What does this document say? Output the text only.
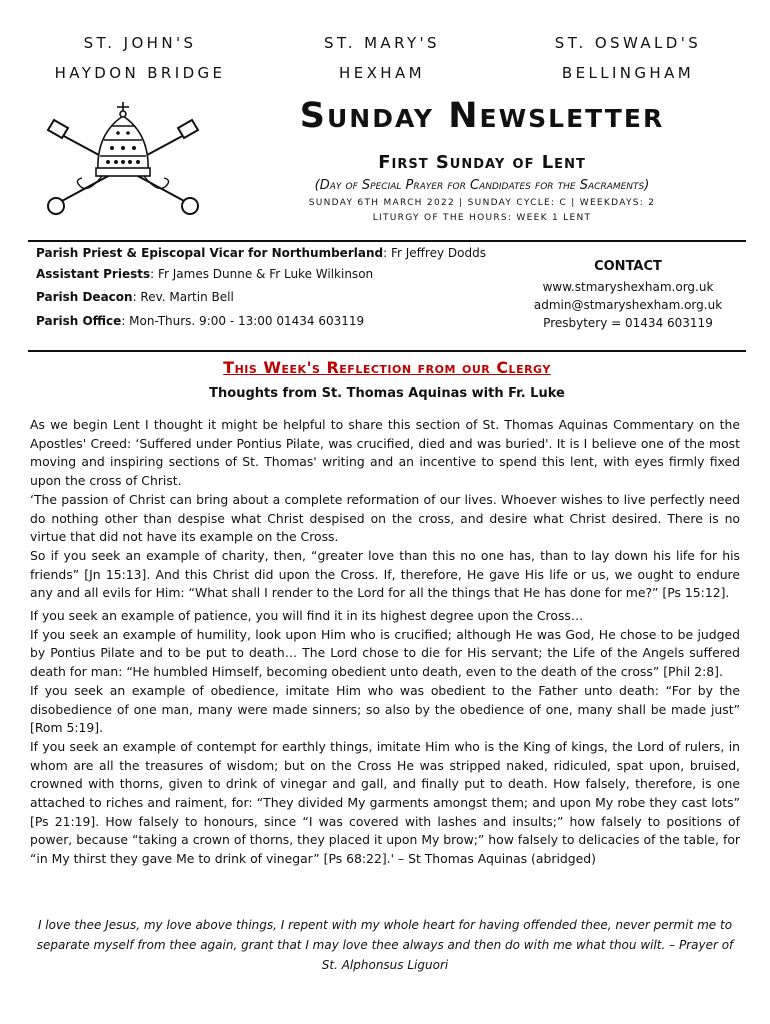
ST. JOHN'S
HAYDON BRIDGE
ST. MARY'S
HEXHAM
ST. OSWALD'S
BELLINGHAM
Sunday Newsletter
First Sunday of Lent
(Day of Special Prayer for Candidates for the Sacraments)
SUNDAY 6TH MARCH 2022 | SUNDAY CYCLE: C | WEEKDAYS: 2
LITURGY OF THE HOURS: WEEK 1 LENT
Parish Priest & Episcopal Vicar for Northumberland: Fr Jeffrey Dodds
Assistant Priests: Fr James Dunne & Fr Luke Wilkinson
Parish Deacon: Rev. Martin Bell
Parish Office: Mon-Thurs. 9:00 - 13:00 01434 603119
CONTACT
www.stmaryshexham.org.uk
admin@stmaryshexham.org.uk
Presbytery = 01434 603119
This Week's Reflection from our Clergy
Thoughts from St. Thomas Aquinas with Fr. Luke

As we begin Lent I thought it might be helpful to share this section of St. Thomas Aquinas Commentary on the Apostles' Creed: ‘Suffered under Pontius Pilate, was crucified, died and was buried'. It is I believe one of the most moving and inspiring sections of St. Thomas' writing and an incentive to spend this lent, with eyes firmly fixed upon the cross of Christ.

‘The passion of Christ can bring about a complete reformation of our lives. Whoever wishes to live perfectly need do nothing other than despise what Christ despised on the cross, and desire what Christ desired. There is no virtue that did not have its example on the Cross.

So if you seek an example of charity, then, “greater love than this no one has, than to lay down his life for his friends” [Jn 15:13]. And this Christ did upon the Cross. If, therefore, He gave His life or us, we ought to endure any and all evils for Him: “What shall I render to the Lord for all the things that He has done for me?” [Ps 15:12].

If you seek an example of patience, you will find it in its highest degree upon the Cross…

If you seek an example of humility, look upon Him who is crucified; although He was God, He chose to be judged by Pontius Pilate and to be put to death… The Lord chose to die for His servant; the Life of the Angels suffered death for man: “He humbled Himself, becoming obedient unto death, even to the death of the cross” [Phil 2:8].

If you seek an example of obedience, imitate Him who was obedient to the Father unto death: “For by the disobedience of one man, many were made sinners; so also by the obedience of one, many shall be made just” [Rom 5:19].

If you seek an example of contempt for earthly things, imitate Him who is the King of kings, the Lord of rulers, in whom are all the treasures of wisdom; but on the Cross He was stripped naked, ridiculed, spat upon, bruised, crowned with thorns, given to drink of vinegar and gall, and finally put to death. How falsely, therefore, is one attached to riches and raiment, for: “They divided My garments amongst them; and upon My robe they cast lots” [Ps 21:19]. How falsely to honours, since “I was covered with lashes and insults;” how falsely to positions of power, because “taking a crown of thorns, they placed it upon My brow;” how falsely to delicacies of the table, for “in My thirst they gave Me to drink of vinegar” [Ps 68:22].' – St Thomas Aquinas (abridged)

I love thee Jesus, my love above things, I repent with my whole heart for having offended thee, never permit me to separate myself from thee again, grant that I may love thee always and then do with me what thou wilt. – Prayer of St. Alphonsus Liguori
